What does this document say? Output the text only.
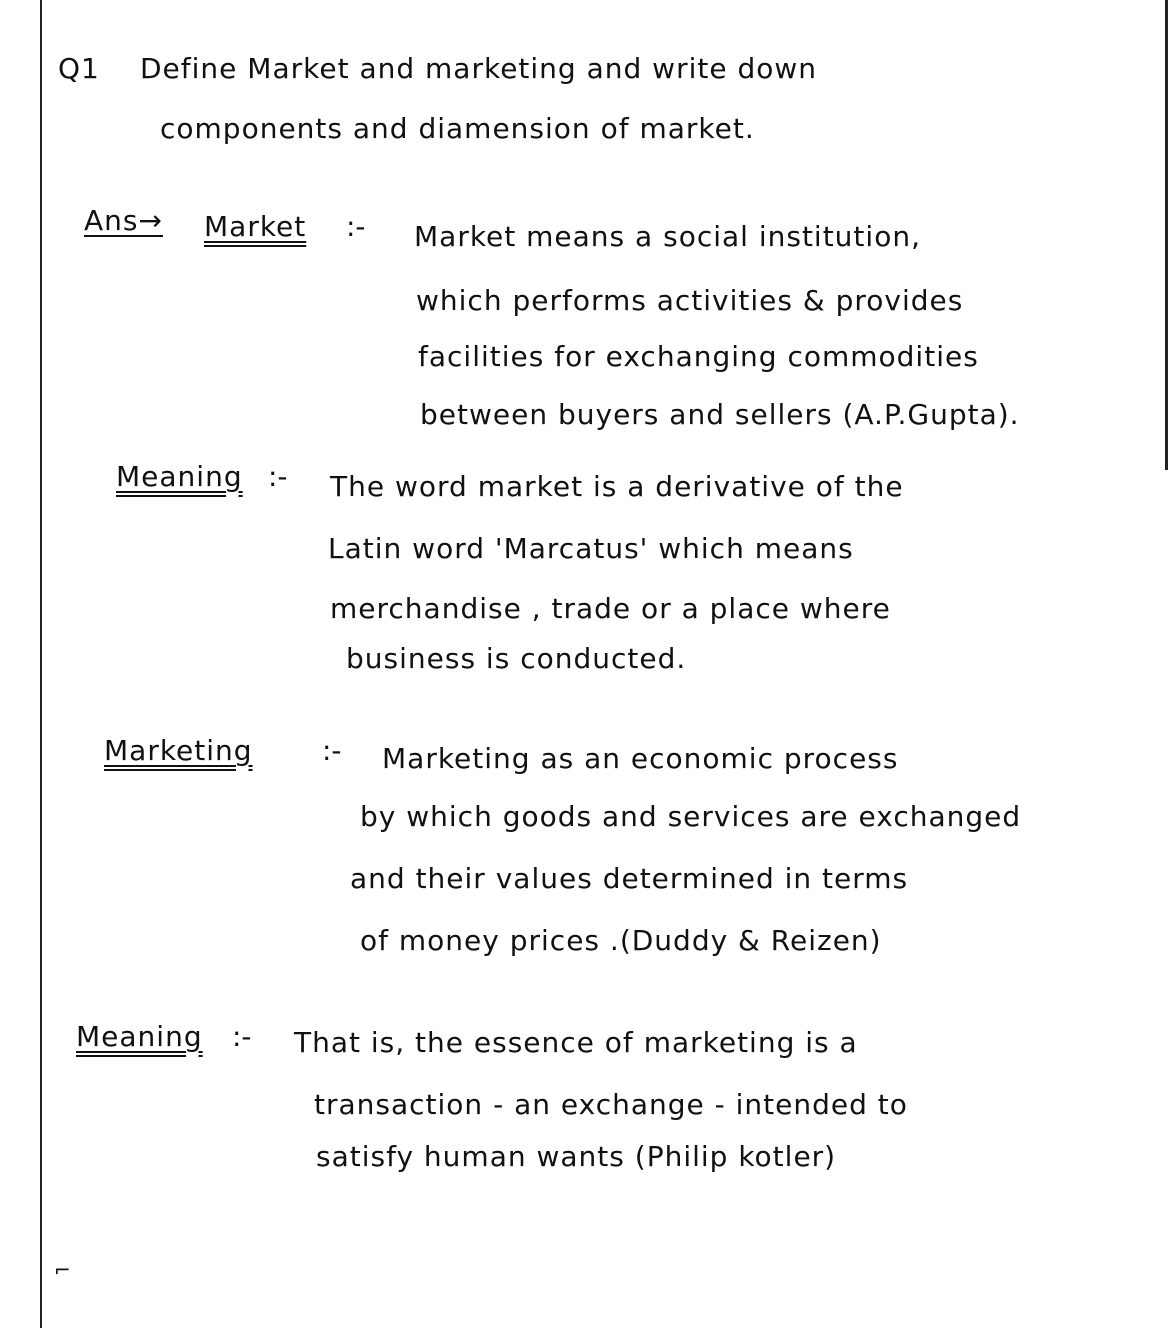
Q1 Define Market and marketing and write down
components and diamension of market.
Ans→ Market :- Market means a social institution,
which performs activities & provides
facilities for exchanging commodities
between buyers and sellers (A.P.Gupta).
Meaning :- The word market is a derivative of the
Latin word 'Marcatus' which means
merchandise , trade or a place where
business is conducted.
Marketing :- Marketing as an economic process
by which goods and services are exchanged
and their values determined in terms
of money prices .(Duddy & Reizen)
Meaning :- That is, the essence of marketing is a
transaction - an exchange - intended to
satisfy human wants (Philip kotler)
⌐
